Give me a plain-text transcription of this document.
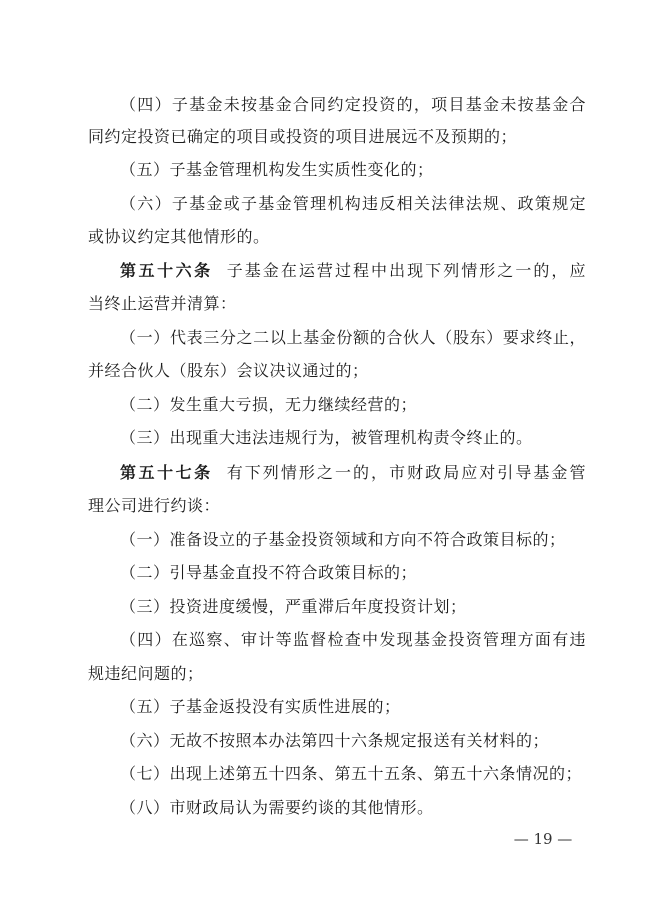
（四）子基金未按基金合同约定投资的，项目基金未按基金合
同约定投资已确定的项目或投资的项目进展远不及预期的；
（五）子基金管理机构发生实质性变化的；
（六）子基金或子基金管理机构违反相关法律法规、政策规定
或协议约定其他情形的。
第五十六条 子基金在运营过程中出现下列情形之一的，应
当终止运营并清算：
（一）代表三分之二以上基金份额的合伙人（股东）要求终止，
并经合伙人（股东）会议决议通过的；
（二）发生重大亏损，无力继续经营的；
（三）出现重大违法违规行为，被管理机构责令终止的。
第五十七条 有下列情形之一的，市财政局应对引导基金管
理公司进行约谈：
（一）准备设立的子基金投资领域和方向不符合政策目标的；
（二）引导基金直投不符合政策目标的；
（三）投资进度缓慢，严重滞后年度投资计划；
（四）在巡察、审计等监督检查中发现基金投资管理方面有违
规违纪问题的；
（五）子基金返投没有实质性进展的；
（六）无故不按照本办法第四十六条规定报送有关材料的；
（七）出现上述第五十四条、第五十五条、第五十六条情况的；
（八）市财政局认为需要约谈的其他情形。
— 19 —
